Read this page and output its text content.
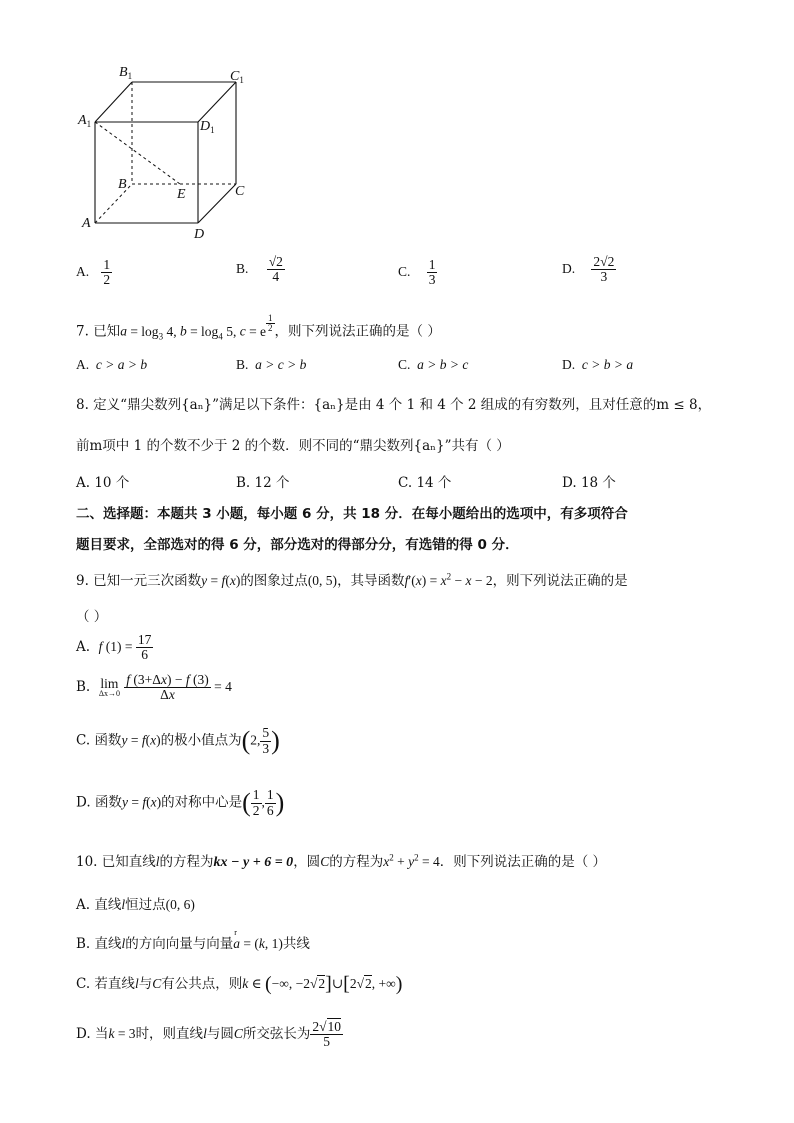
$B_1$	$C_1$
$A_1$	$D_1$
B
E	C
A
D
A. $\frac{1}{2}$	B. $\frac{√2}{4}$	C. $\frac{1}{3}$	D. $\frac{2√2}{3}$
7. 已知$a = \log_3 4$, $b = \log_4 5$, c = e $^{\frac{1}{2}}$ ，则下列说法正确的是（ ）
A. c > a > b	B. a > c > b	C. a > b > c	D. c > b > a
8. 定义“鼎尖数列{aₙ}”满足以下条件：{aₙ}是由 4 个 1 和 4 个 2 组成的有穷数列，且对任意的m ≤ 8，
前m项中 1 的个数不少于 2 的个数．则不同的“鼎尖数列{aₙ}”共有（ ）
A. 10 个	B. 12 个	C. 14 个	D. 18 个
二、选择题：本题共 3 小题，每小题 6 分，共 18 分．在每小题给出的选项中，有多项符合
题目要求，全部选对的得 6 分，部分选对的得部分分，有选错的得 0 分．
9. 已知一元三次函数y = f(x)的图象过点(0, 5)，其导函数$f'(x) = x^2 - x - 2$，则下列说法正确的是
（ ）
A. f $(1) = \frac{17}{6}$
B. lim
Δx→0
$\frac{f (3+\Delta x) - f (3)}{\Delta x} = 4$
C. 函数y = f(x)的极小值点为(2, $\frac{5}{3}$ )
D. 函数y = f(x)的对称中心是( $\frac{1}{2}$ , $\frac{1}{6}$ )
10. 已知直线l的方程为kx − y + 6 = 0，圆C的方程为$x^2 + y^2 = 4$．则下列说法正确的是（ ）
A. 直线l恒过点(0, 6)
B. 直线l的方向向量与向量a
r
= (k, 1)共线
C. 若直线l与C有公共点，则k ∈ (−∞, −2√2]∪[2√2, +∞)
D. 当k = 3时，则直线l与圆C所交弦长为 $\frac{2√10}{5}$
